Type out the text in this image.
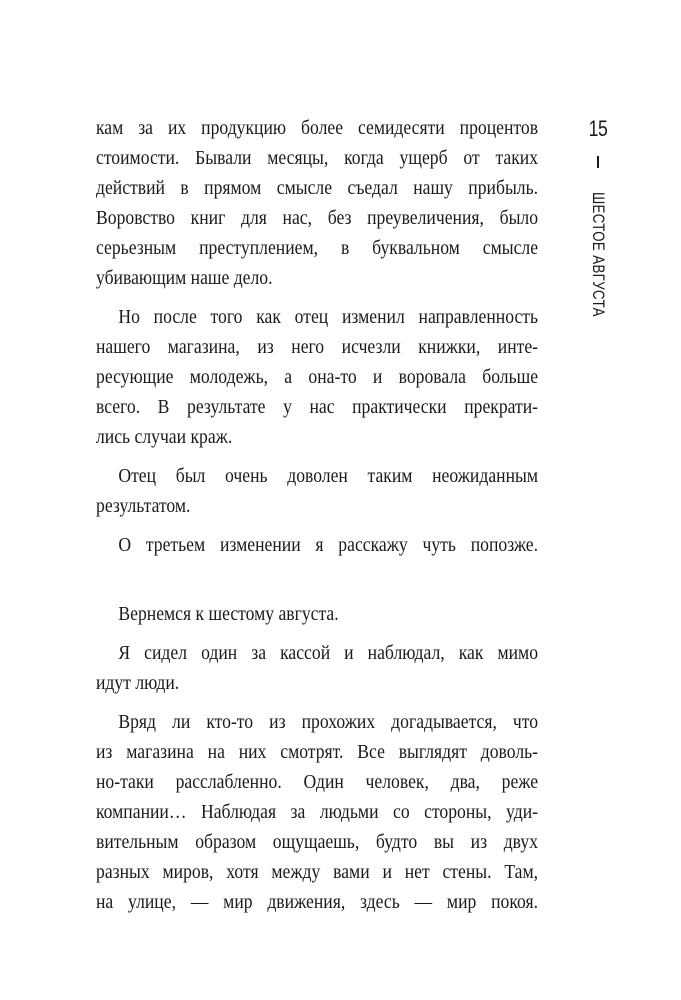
15
ШЕСТОЕ АВГУСТА
кам за их продукцию более семидесяти процентов
стоимости. Бывали месяцы, когда ущерб от таких
действий в прямом смысле съедал нашу прибыль.
Воровство книг для нас, без преувеличения, было
серьезным преступлением, в буквальном смысле
убивающим наше дело.
Но после того как отец изменил направленность
нашего магазина, из него исчезли книжки, инте-
ресующие молодежь, а она-то и воровала больше
всего. В результате у нас практически прекрати-
лись случаи краж.
Отец был очень доволен таким неожиданным
результатом.
О третьем изменении я расскажу чуть попозже.
Вернемся к шестому августа.
Я сидел один за кассой и наблюдал, как мимо
идут люди.
Вряд ли кто-то из прохожих догадывается, что
из магазина на них смотрят. Все выглядят доволь-
но-таки расслабленно. Один человек, два, реже
компании… Наблюдая за людьми со стороны, уди-
вительным образом ощущаешь, будто вы из двух
разных миров, хотя между вами и нет стены. Там,
на улице, — мир движения, здесь — мир покоя.
